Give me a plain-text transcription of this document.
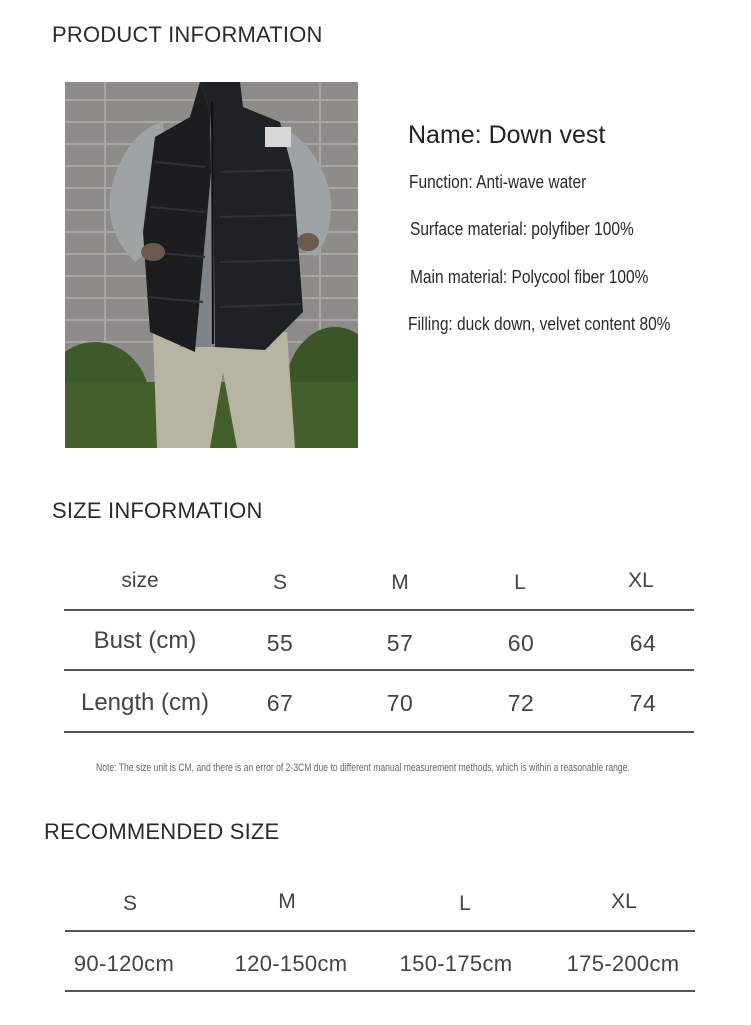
PRODUCT INFORMATION
Name: Down vest
Function: Anti-wave water
Surface material: polyfiber 100%
Main material: Polycool fiber 100%
Filling: duck down, velvet content 80%
SIZE INFORMATION
size	S	M	L	XL
Bust (cm)	55	57	60	64
Length (cm)	67	70	72	74
Note: The size unit is CM, and there is an error of 2-3CM due to different manual measurement methods, which is within a reasonable range.
RECOMMENDED SIZE
S	M	L	XL
90-120cm	120-150cm 150-175cm 175-200cm
